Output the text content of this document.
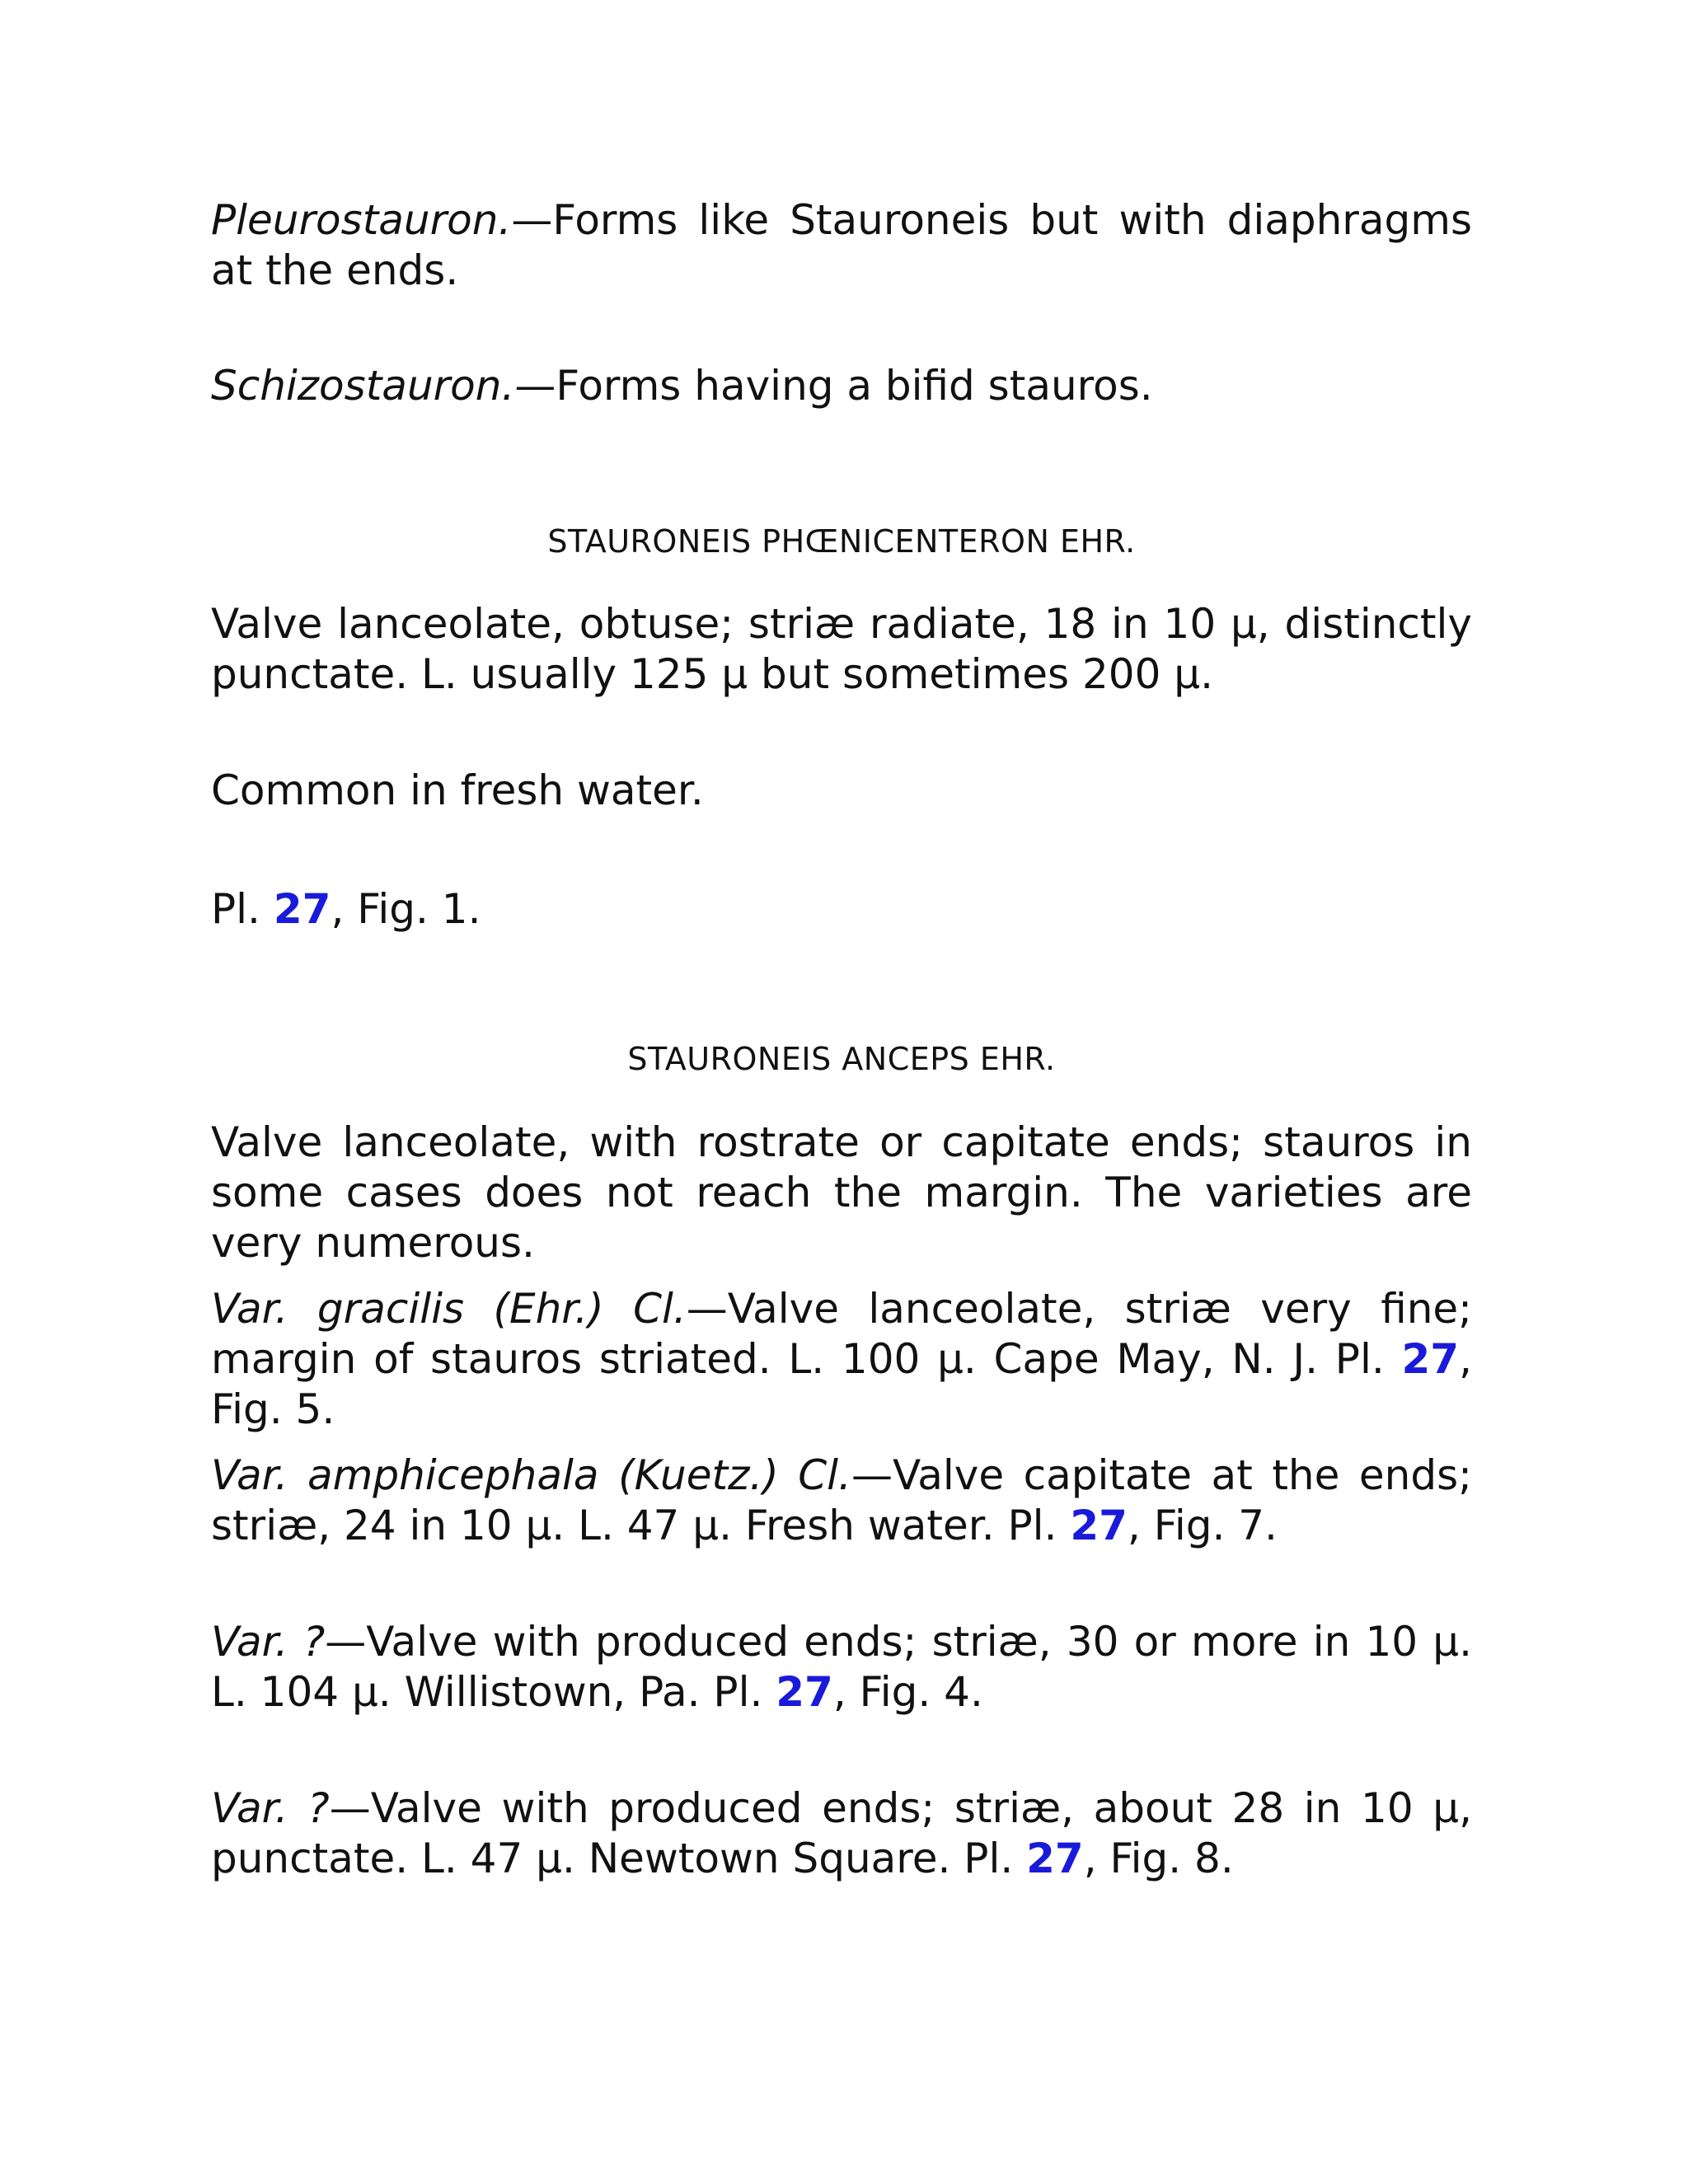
Pleurostauron.—Forms like Stauroneis but with diaphragms at the ends.

Schizostauron.—Forms having a bifid stauros.

STAURONEIS PHŒNICENTERON EHR.

Valve lanceolate, obtuse; striæ radiate, 18 in 10 μ, distinctly punctate. L. usually 125 μ but sometimes 200 μ.

Common in fresh water.

Pl. 27, Fig. 1.

STAURONEIS ANCEPS EHR.

Valve lanceolate, with rostrate or capitate ends; stauros in some cases does not reach the margin. The varieties are very numerous.

Var. gracilis (Ehr.) Cl.—Valve lanceolate, striæ very fine; margin of stauros striated. L. 100 μ. Cape May, N. J. Pl. 27, Fig. 5.

Var. amphicephala (Kuetz.) Cl.—Valve capitate at the ends; striæ, 24 in 10 μ. L. 47 μ. Fresh water. Pl. 27, Fig. 7.

Var. ?—Valve with produced ends; striæ, 30 or more in 10 μ. L. 104 μ. Willistown, Pa. Pl. 27, Fig. 4.

Var. ?—Valve with produced ends; striæ, about 28 in 10 μ, punctate. L. 47 μ. Newtown Square. Pl. 27, Fig. 8.
